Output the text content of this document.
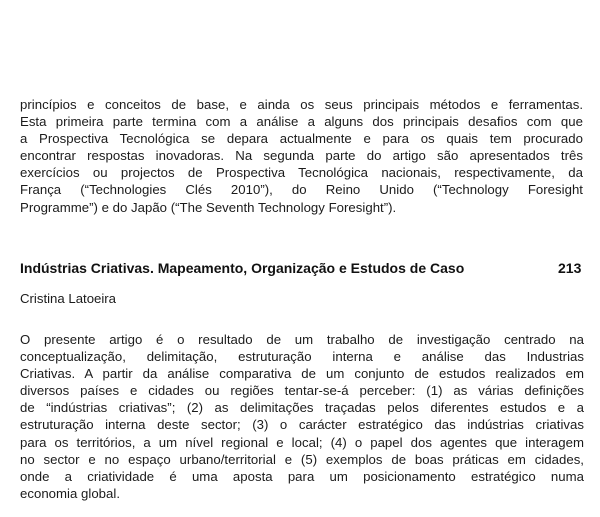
princípios e conceitos de base, e ainda os seus principais métodos e ferramentas.
Esta primeira parte termina com a análise a alguns dos principais desafios com que
a Prospectiva Tecnológica se depara actualmente e para os quais tem procurado
encontrar respostas inovadoras. Na segunda parte do artigo são apresentados três
exercícios ou projectos de Prospectiva Tecnológica nacionais, respectivamente, da
França (“Technologies Clés 2010”), do Reino Unido (“Technology Foresight
Programme”) e do Japão (“The Seventh Technology Foresight”).
Indústrias Criativas. Mapeamento, Organização e Estudos de Caso	213
Cristina Latoeira
O presente artigo é o resultado de um trabalho de investigação centrado na
conceptualização, delimitação, estruturação interna e análise das Industrias
Criativas. A partir da análise comparativa de um conjunto de estudos realizados em
diversos países e cidades ou regiões tentar-se-á perceber: (1) as várias definições
de “indústrias criativas”; (2) as delimitações traçadas pelos diferentes estudos e a
estruturação interna deste sector; (3) o carácter estratégico das indústrias criativas
para os territórios, a um nível regional e local; (4) o papel dos agentes que interagem
no sector e no espaço urbano/territorial e (5) exemplos de boas práticas em cidades,
onde a criatividade é uma aposta para um posicionamento estratégico numa
economia global.
